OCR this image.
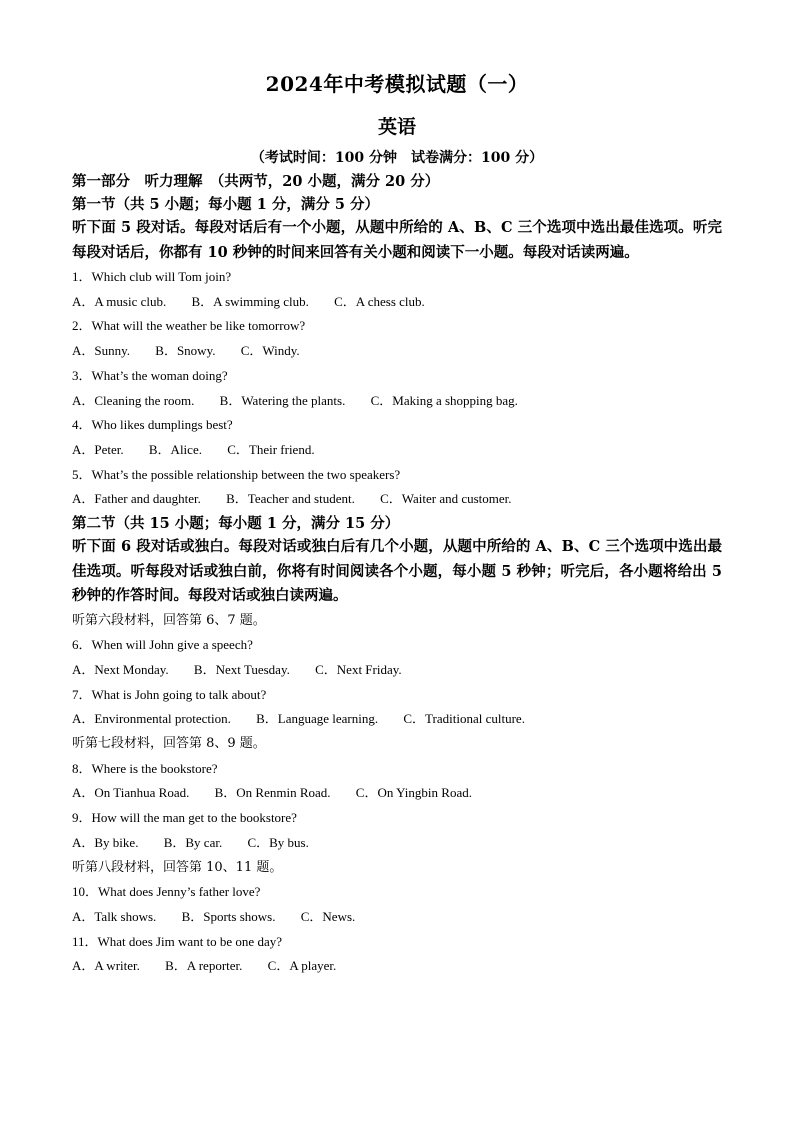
2024年中考模拟试题（一）
英语
（考试时间：100 分钟　试卷满分：100 分）
第一部分　听力理解　（共两节，20 小题，满分 20 分）
第一节（共 5 小题；每小题 1 分，满分 5 分）
听下面 5 段对话。每段对话后有一个小题，从题中所给的 A、B、C 三个选项中选出最佳选项。听完每段对话后，你都有 10 秒钟的时间来回答有关小题和阅读下一小题。每段对话读两遍。
1．Which club will Tom join?
A．A music club. B．A swimming club. C．A chess club.
2．What will the weather be like tomorrow?
A．Sunny. B．Snowy. C．Windy.
3．What’s the woman doing?
A．Cleaning the room. B．Watering the plants. C．Making a shopping bag.
4．Who likes dumplings best?
A．Peter. B．Alice. C．Their friend.
5．What’s the possible relationship between the two speakers?
A．Father and daughter. B．Teacher and student. C．Waiter and customer.
第二节（共 15 小题；每小题 1 分，满分 15 分）
听下面 6 段对话或独白。每段对话或独白后有几个小题，从题中所给的 A、B、C 三个选项中选出最佳选项。听每段对话或独白前，你将有时间阅读各个小题，每小题 5 秒钟；听完后，各小题将给出 5 秒钟的作答时间。每段对话或独白读两遍。
听第六段材料，回答第 6、7 题。
6．When will John give a speech?
A．Next Monday. B．Next Tuesday. C．Next Friday.
7．What is John going to talk about?
A．Environmental protection. B．Language learning. C．Traditional culture.
听第七段材料，回答第 8、9 题。
8．Where is the bookstore?
A．On Tianhua Road. B．On Renmin Road. C．On Yingbin Road.
9．How will the man get to the bookstore?
A．By bike. B．By car. C．By bus.
听第八段材料，回答第 10、11 题。
10．What does Jenny’s father love?
A．Talk shows. B．Sports shows. C．News.
11．What does Jim want to be one day?
A．A writer. B．A reporter. C．A player.
